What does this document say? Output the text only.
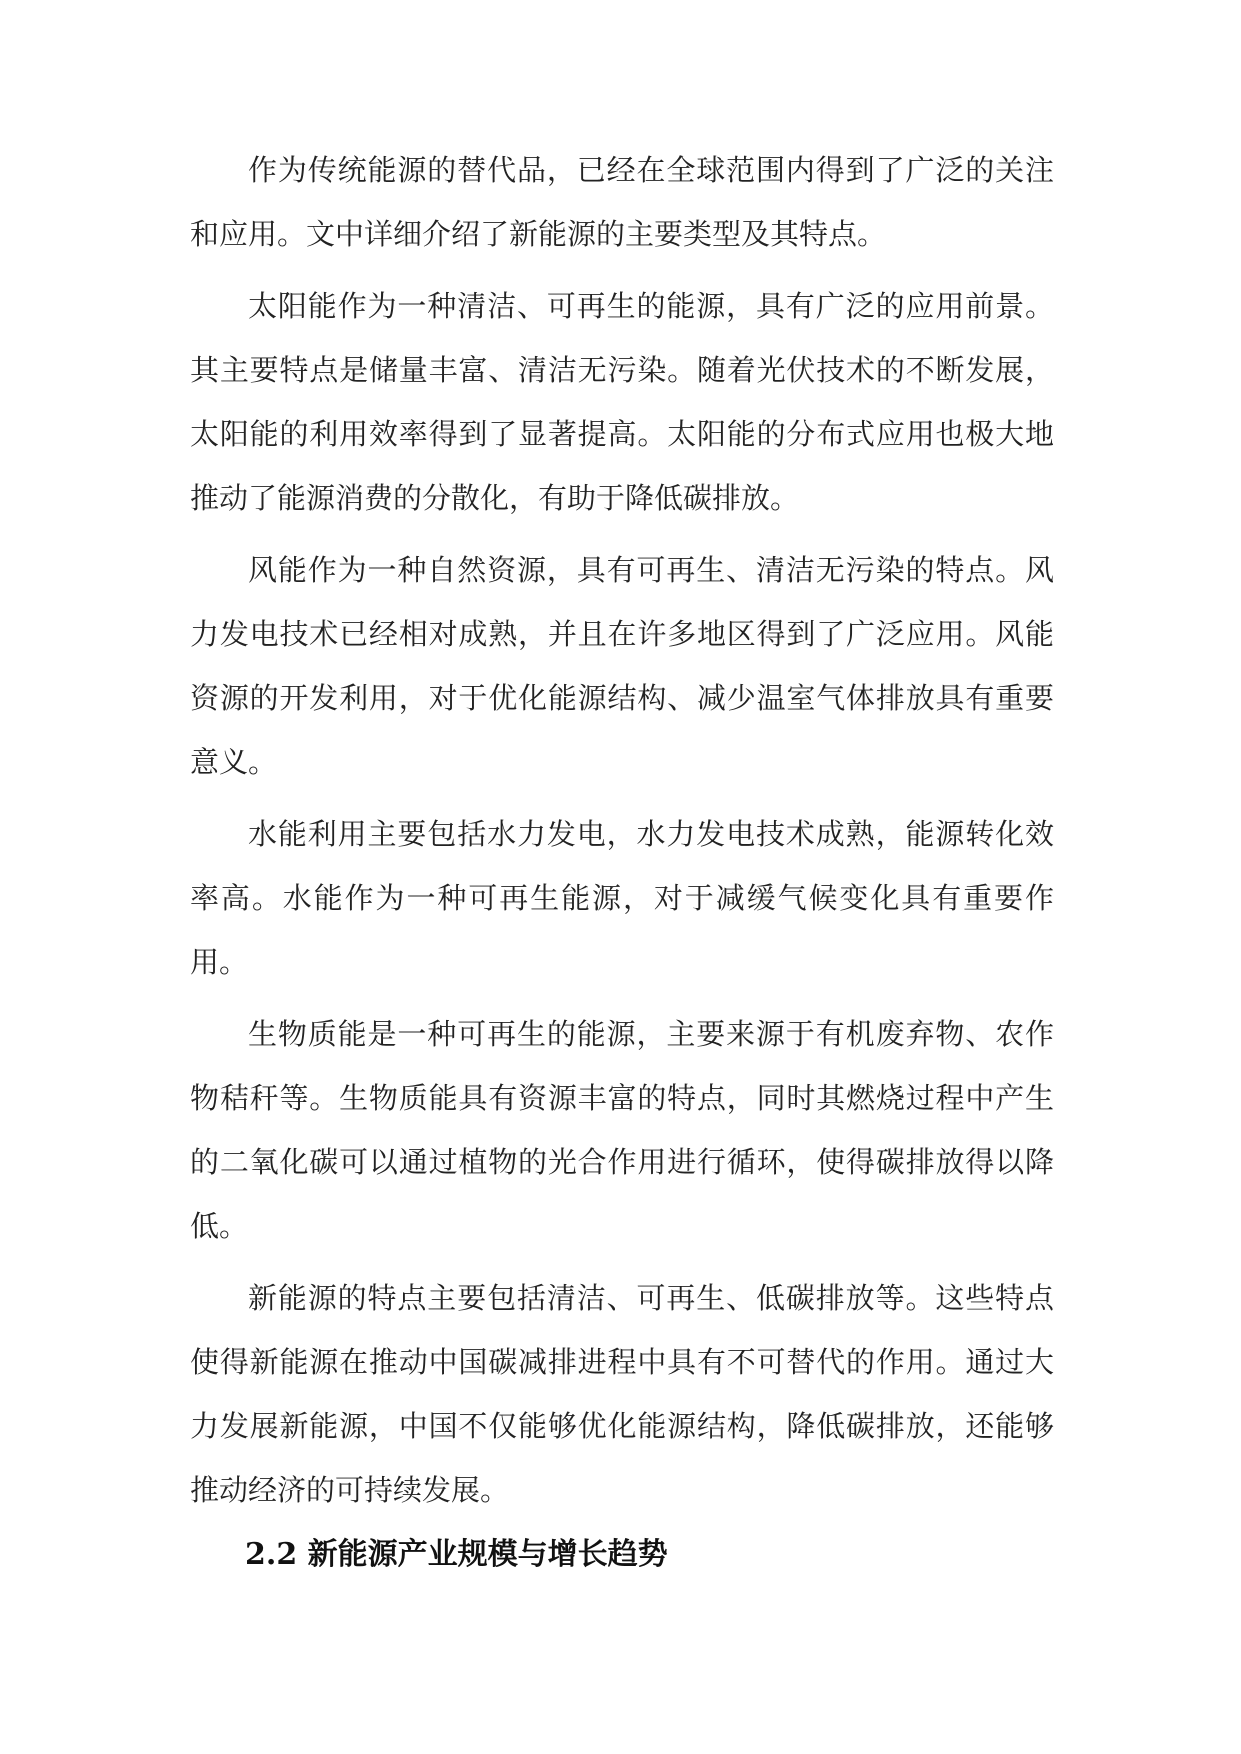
作为传统能源的替代品，已经在全球范围内得到了广泛的关注和应用。文中详细介绍了新能源的主要类型及其特点。

太阳能作为一种清洁、可再生的能源，具有广泛的应用前景。其主要特点是储量丰富、清洁无污染。随着光伏技术的不断发展，太阳能的利用效率得到了显著提高。太阳能的分布式应用也极大地推动了能源消费的分散化，有助于降低碳排放。

风能作为一种自然资源，具有可再生、清洁无污染的特点。风力发电技术已经相对成熟，并且在许多地区得到了广泛应用。风能资源的开发利用，对于优化能源结构、减少温室气体排放具有重要意义。

水能利用主要包括水力发电，水力发电技术成熟，能源转化效率高。水能作为一种可再生能源，对于减缓气候变化具有重要作用。

生物质能是一种可再生的能源，主要来源于有机废弃物、农作物秸秆等。生物质能具有资源丰富的特点，同时其燃烧过程中产生的二氧化碳可以通过植物的光合作用进行循环，使得碳排放得以降低。

新能源的特点主要包括清洁、可再生、低碳排放等。这些特点使得新能源在推动中国碳减排进程中具有不可替代的作用。通过大力发展新能源，中国不仅能够优化能源结构，降低碳排放，还能够推动经济的可持续发展。

2.2 新能源产业规模与增长趋势
